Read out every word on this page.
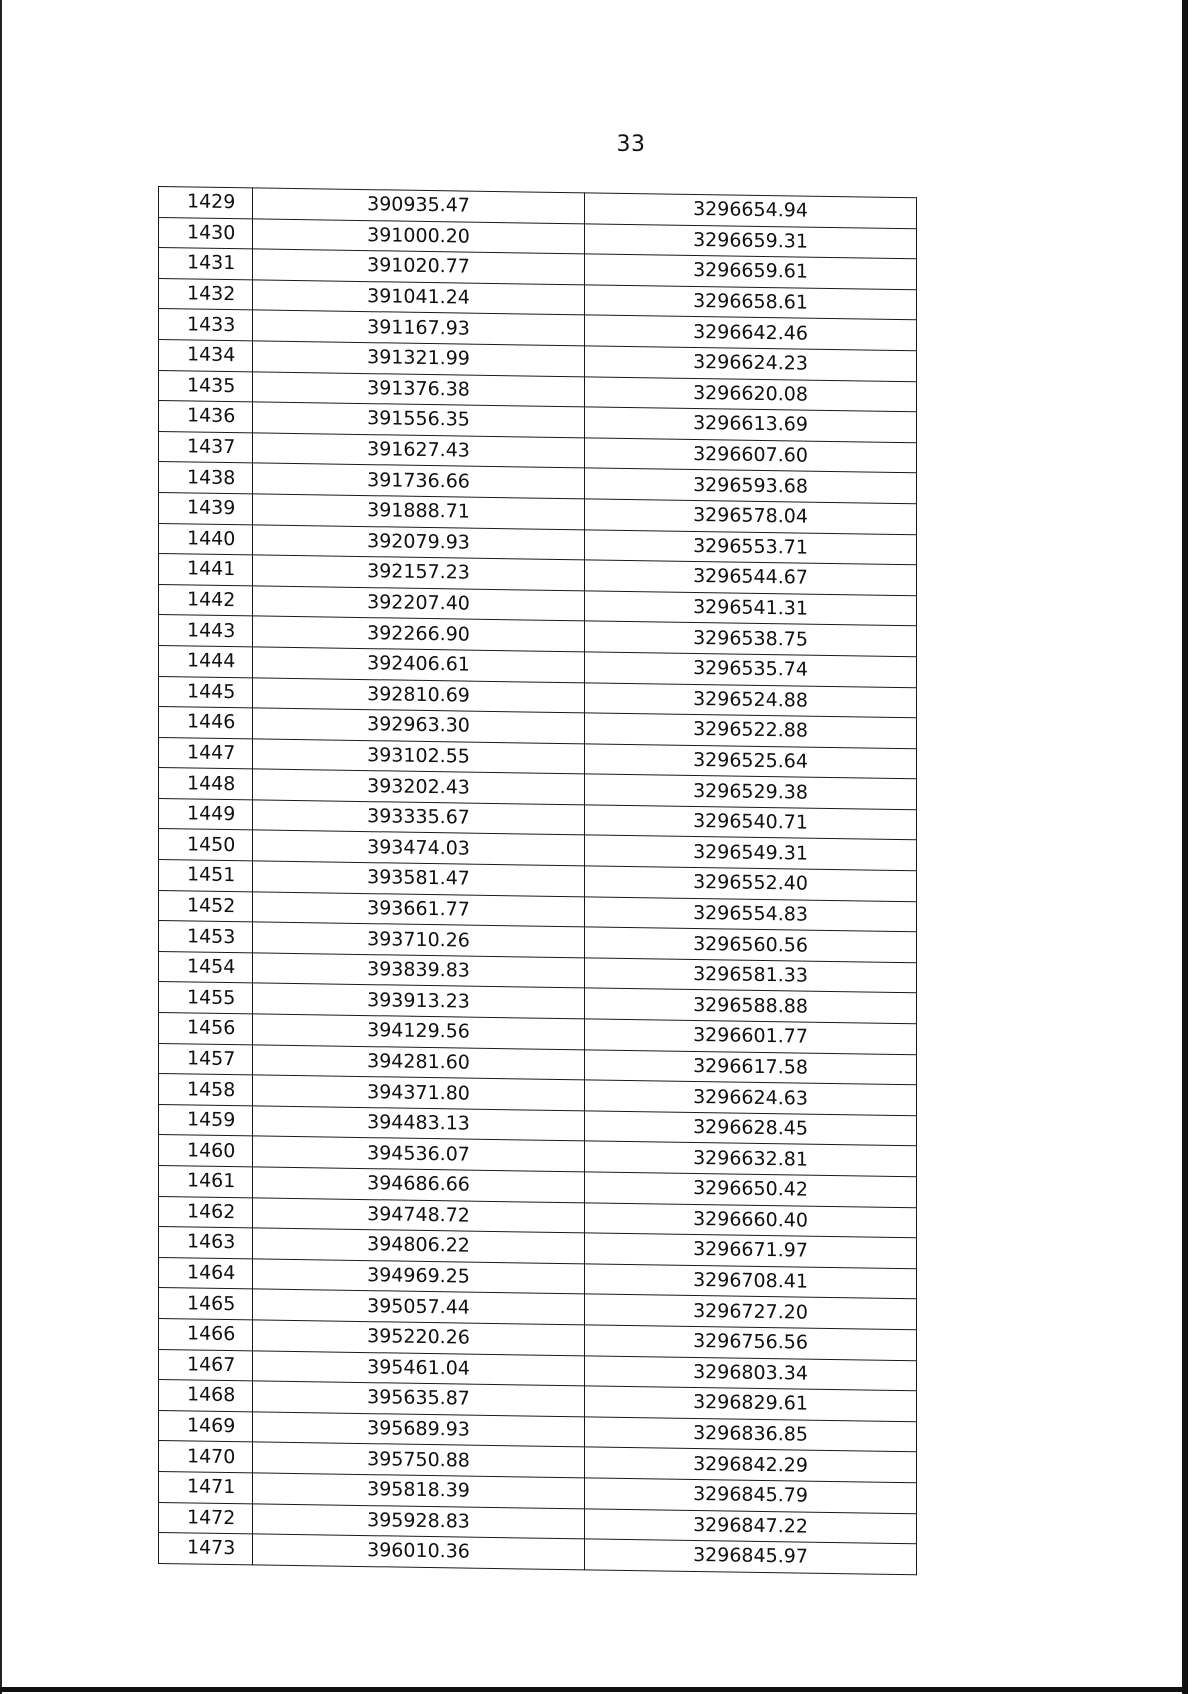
33
1429	390935.47	3296654.94
1430	391000.20	3296659.31
1431	391020.77	3296659.61
1432	391041.24	3296658.61
1433	391167.93	3296642.46
1434	391321.99	3296624.23
1435	391376.38	3296620.08
1436	391556.35	3296613.69
1437	391627.43	3296607.60
1438	391736.66	3296593.68
1439	391888.71	3296578.04
1440	392079.93	3296553.71
1441	392157.23	3296544.67
1442	392207.40	3296541.31
1443	392266.90	3296538.75
1444	392406.61	3296535.74
1445	392810.69	3296524.88
1446	392963.30	3296522.88
1447	393102.55	3296525.64
1448	393202.43	3296529.38
1449	393335.67	3296540.71
1450	393474.03	3296549.31
1451	393581.47	3296552.40
1452	393661.77	3296554.83
1453	393710.26	3296560.56
1454	393839.83	3296581.33
1455	393913.23	3296588.88
1456	394129.56	3296601.77
1457	394281.60	3296617.58
1458	394371.80	3296624.63
1459	394483.13	3296628.45
1460	394536.07	3296632.81
1461	394686.66	3296650.42
1462	394748.72	3296660.40
1463	394806.22	3296671.97
1464	394969.25	3296708.41
1465	395057.44	3296727.20
1466	395220.26	3296756.56
1467	395461.04	3296803.34
1468	395635.87	3296829.61
1469	395689.93	3296836.85
1470	395750.88	3296842.29
1471	395818.39	3296845.79
1472	395928.83	3296847.22
1473	396010.36	3296845.97
